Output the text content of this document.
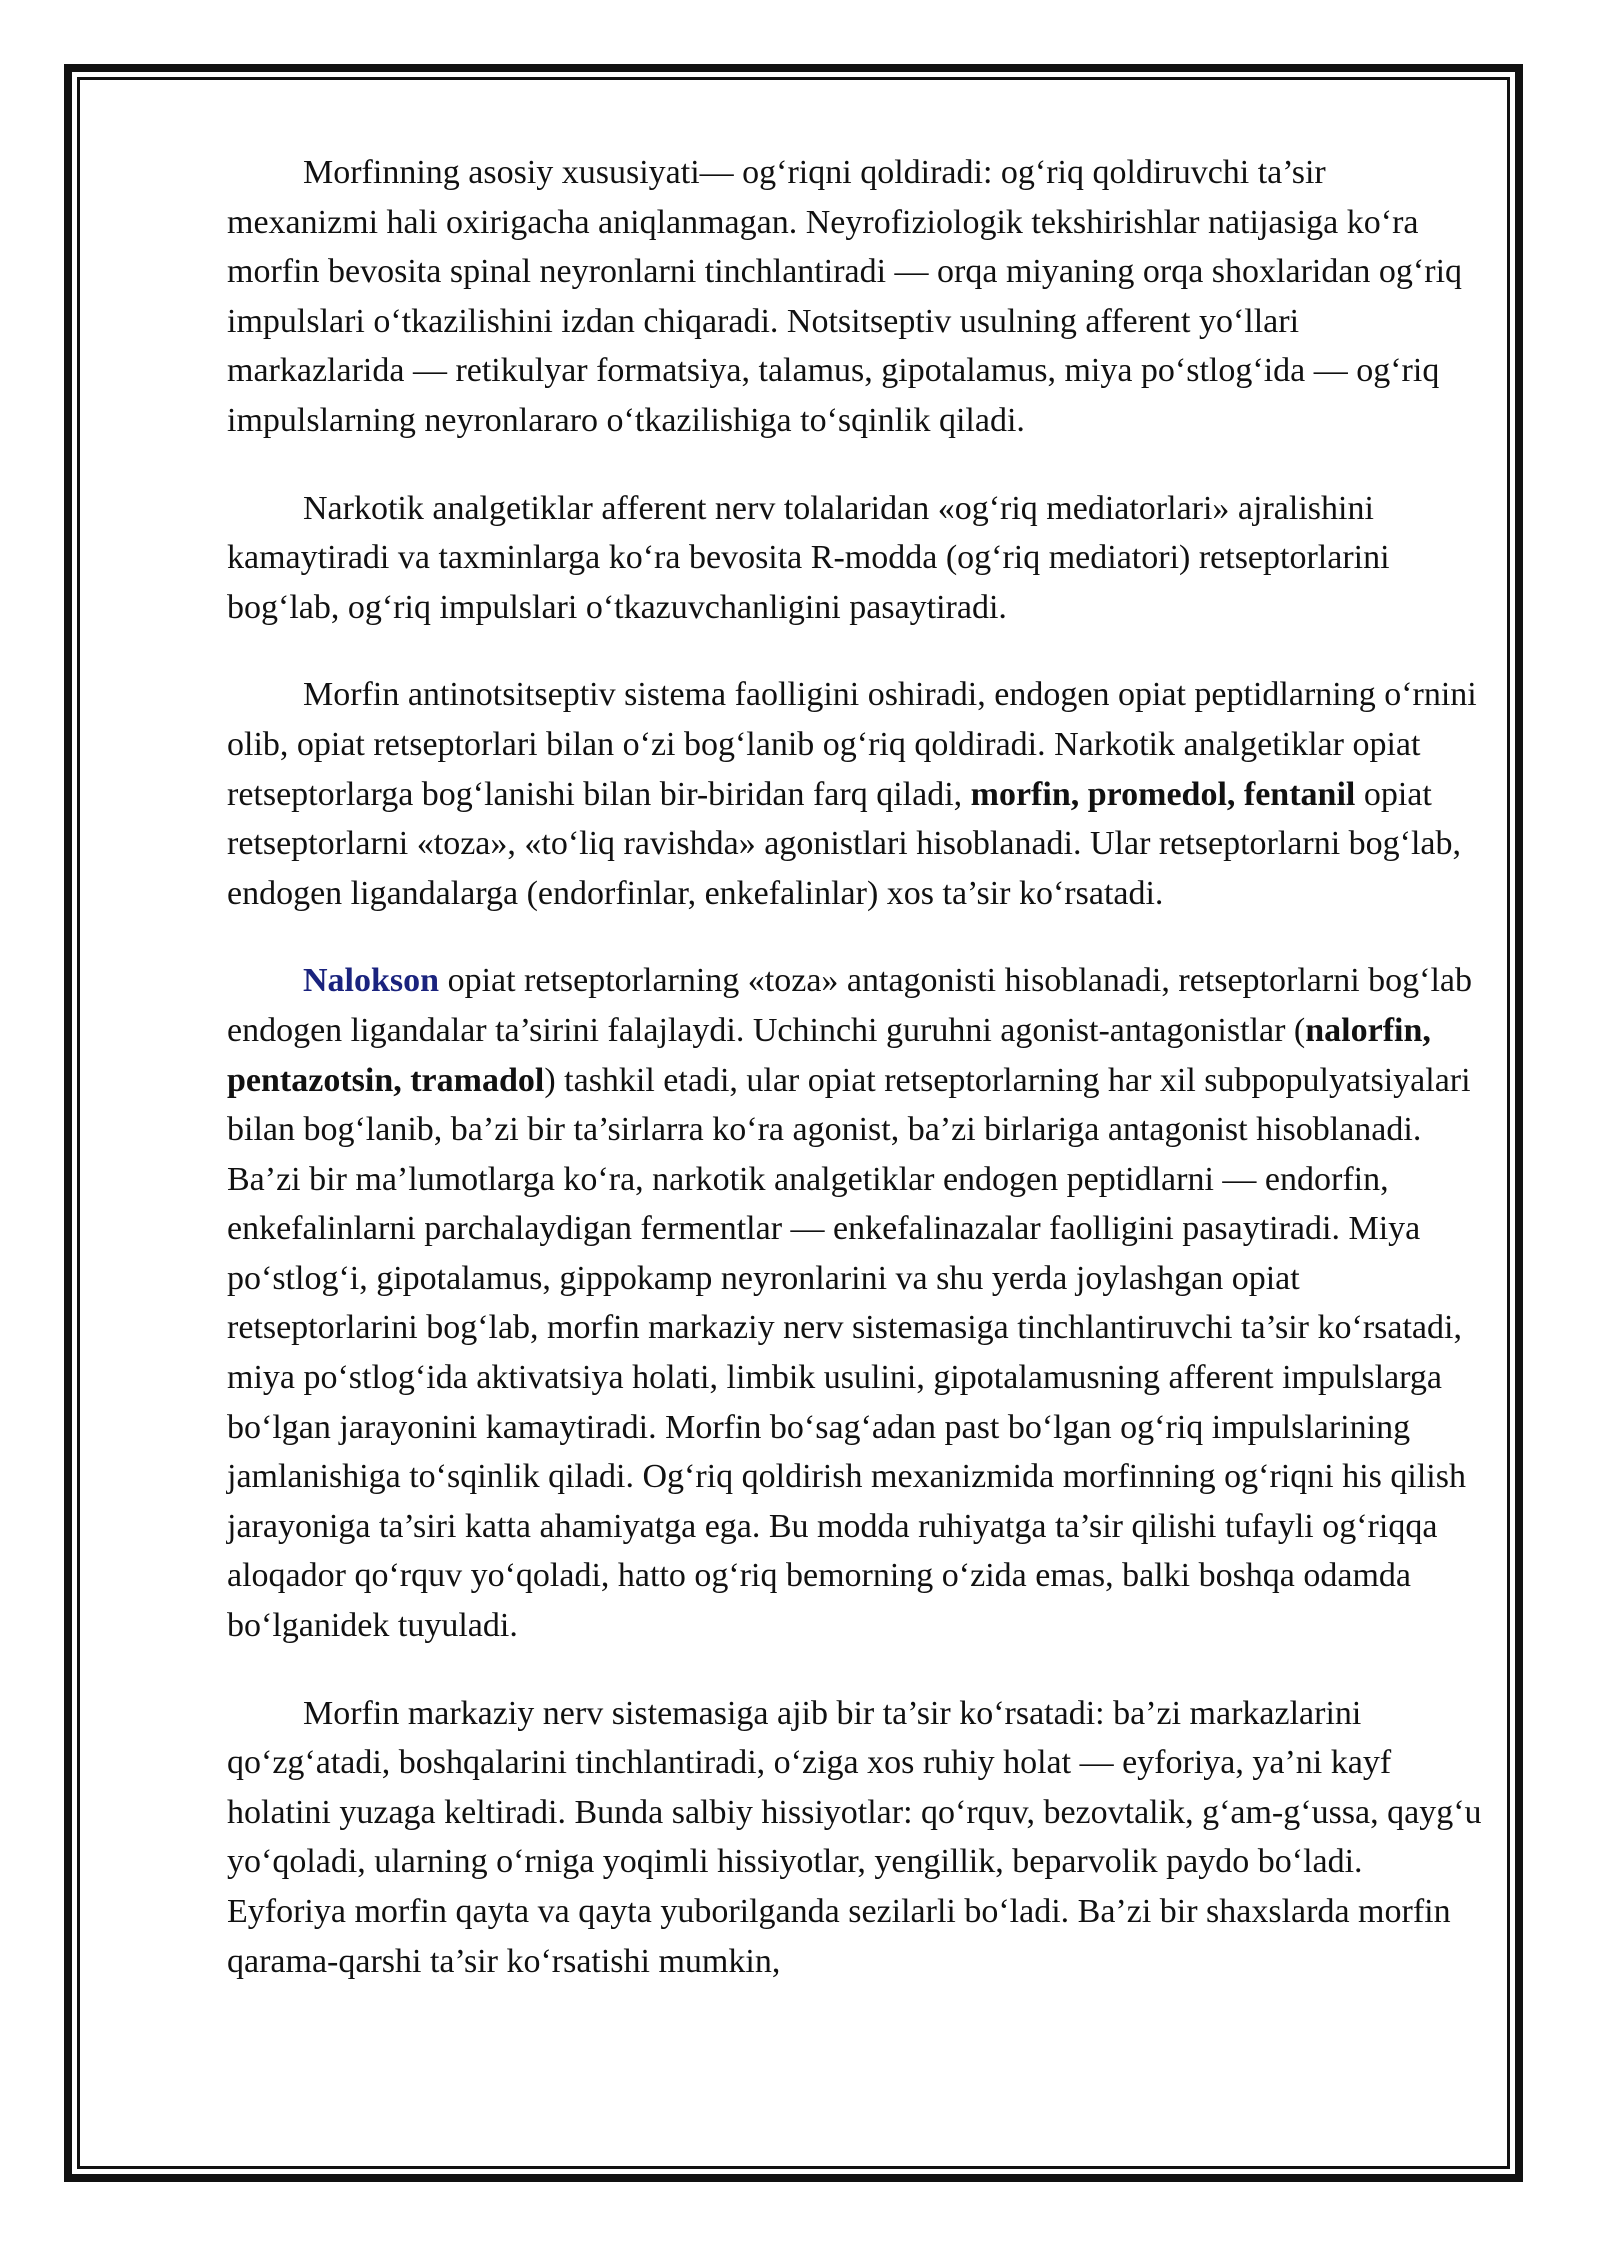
Morfinning asosiy xususiyati— og‘riqni qoldiradi: og‘riq qoldiruvchi ta’sir mexanizmi hali oxirigacha aniqlanmagan. Neyrofiziologik tekshirishlar natijasiga ko‘ra morfin bevosita spinal neyronlarni tinchlantiradi — orqa miyaning orqa shoxlaridan og‘riq impulslari o‘tkazilishini izdan chiqaradi. Notsitseptiv usulning afferent yo‘llari markazlarida — retikulyar formatsiya, talamus, gipotalamus, miya po‘stlog‘ida — og‘riq impulslarning neyronlararo o‘tkazilishiga to‘sqinlik qiladi.

Narkotik analgetiklar afferent nerv tolalaridan «og‘riq mediatorlari» ajralishini kamaytiradi va taxminlarga ko‘ra bevosita R-modda (og‘riq mediatori) retseptorlarini bog‘lab, og‘riq impulslari o‘tkazuvchanligini pasaytiradi.

Morfin antinotsitseptiv sistema faolligini oshiradi, endogen opiat peptidlarning o‘rnini olib, opiat retseptorlari bilan o‘zi bog‘lanib og‘riq qoldiradi. Narkotik analgetiklar opiat retseptorlarga bog‘lanishi bilan bir-biridan farq qiladi, morfin, promedol, fentanil opiat retseptorlarni «toza», «to‘liq ravishda» agonistlari hisoblanadi. Ular retseptorlarni bog‘lab, endogen ligandalarga (endorfinlar, enkefalinlar) xos ta’sir ko‘rsatadi.

Nalokson opiat retseptorlarning «toza» antagonisti hisoblanadi, retseptorlarni bog‘lab endogen ligandalar ta’sirini falajlaydi. Uchinchi guruhni agonist-antagonistlar (nalorfin, pentazotsin, tramadol) tashkil etadi, ular opiat retseptorlarning har xil subpopulyatsiyalari bilan bog‘lanib, ba’zi bir ta’sirlarra ko‘ra agonist, ba’zi birlariga antagonist hisoblanadi. Ba’zi bir ma’lumotlarga ko‘ra, narkotik analgetiklar endogen peptidlarni — endorfin, enkefalinlarni parchalaydigan fermentlar — enkefalinazalar faolligini pasaytiradi. Miya po‘stlog‘i, gipotalamus, gippokamp neyronlarini va shu yerda joylashgan opiat retseptorlarini bog‘lab, morfin markaziy nerv sistemasiga tinchlantiruvchi ta’sir ko‘rsatadi, miya po‘stlog‘ida aktivatsiya holati, limbik usulini, gipotalamusning afferent impulslarga bo‘lgan jarayonini kamaytiradi. Morfin bo‘sag‘adan past bo‘lgan og‘riq impulslarining jamlanishiga to‘sqinlik qiladi. Og‘riq qoldirish mexanizmida morfinning og‘riqni his qilish jarayoniga ta’siri katta ahamiyatga ega. Bu modda ruhiyatga ta’sir qilishi tufayli og‘riqqa aloqador qo‘rquv yo‘qoladi, hatto og‘riq bemorning o‘zida emas, balki boshqa odamda bo‘lganidek tuyuladi.

Morfin markaziy nerv sistemasiga ajib bir ta’sir ko‘rsatadi: ba’zi markazlarini qo‘zg‘atadi, boshqalarini tinchlantiradi, o‘ziga xos ruhiy holat — eyforiya, ya’ni kayf holatini yuzaga keltiradi. Bunda salbiy hissiyotlar: qo‘rquv, bezovtalik, g‘am-g‘ussa, qayg‘u yo‘qoladi, ularning o‘rniga yoqimli hissiyotlar, yengillik, beparvolik paydo bo‘ladi. Eyforiya morfin qayta va qayta yuborilganda sezilarli bo‘ladi. Ba’zi bir shaxslarda morfin qarama-qarshi ta’sir ko‘rsatishi mumkin,
